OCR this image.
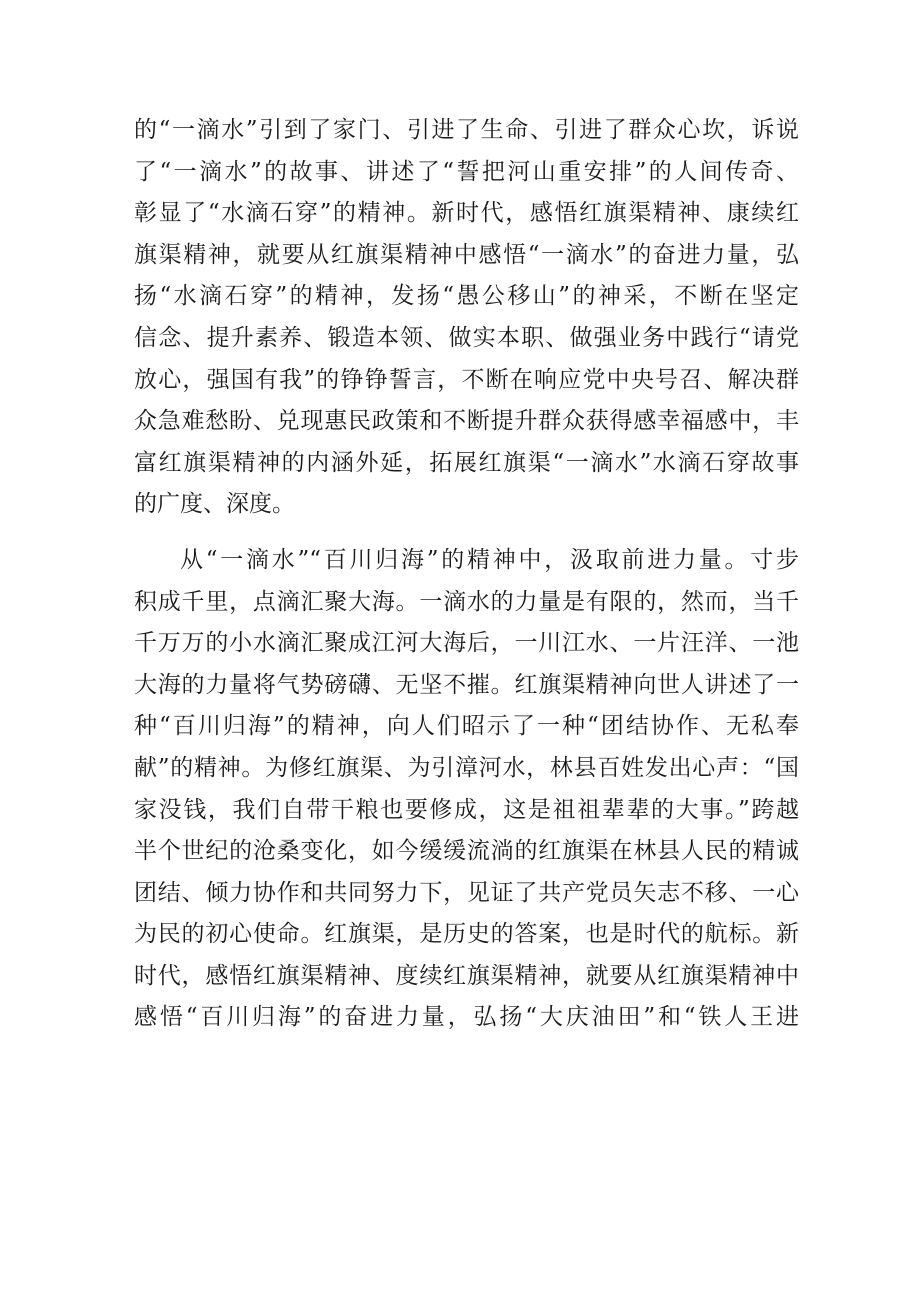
的“一滴水”引到了家门、引进了生命、引进了群众心坎，诉说
了“一滴水”的故事、讲述了“誓把河山重安排”的人间传奇、
彰显了“水滴石穿”的精神。新时代，感悟红旗渠精神、康续红
旗渠精神，就要从红旗渠精神中感悟“一滴水”的奋进力量，弘
扬“水滴石穿”的精神，发扬“愚公移山”的神采，不断在坚定
信念、提升素养、锻造本领、做实本职、做强业务中践行“请党
放心，强国有我”的铮铮誓言，不断在响应党中央号召、解决群
众急难愁盼、兑现惠民政策和不断提升群众获得感幸福感中，丰
富红旗渠精神的内涵外延，拓展红旗渠“一滴水”水滴石穿故事
的广度、深度。
从“一滴水”“百川归海”的精神中，汲取前进力量。寸步
积成千里，点滴汇聚大海。一滴水的力量是有限的，然而，当千
千万万的小水滴汇聚成江河大海后，一川江水、一片汪洋、一池
大海的力量将气势磅礴、无坚不摧。红旗渠精神向世人讲述了一
种“百川归海”的精神，向人们昭示了一种“团结协作、无私奉
献”的精神。为修红旗渠、为引漳河水，林县百姓发出心声：“国
家没钱，我们自带干粮也要修成，这是祖祖辈辈的大事。”跨越
半个世纪的沧桑变化，如今缓缓流淌的红旗渠在林县人民的精诚
团结、倾力协作和共同努力下，见证了共产党员矢志不移、一心
为民的初心使命。红旗渠，是历史的答案，也是时代的航标。新
时代，感悟红旗渠精神、度续红旗渠精神，就要从红旗渠精神中
感悟“百川归海”的奋进力量，弘扬“大庆油田”和“铁人王进
